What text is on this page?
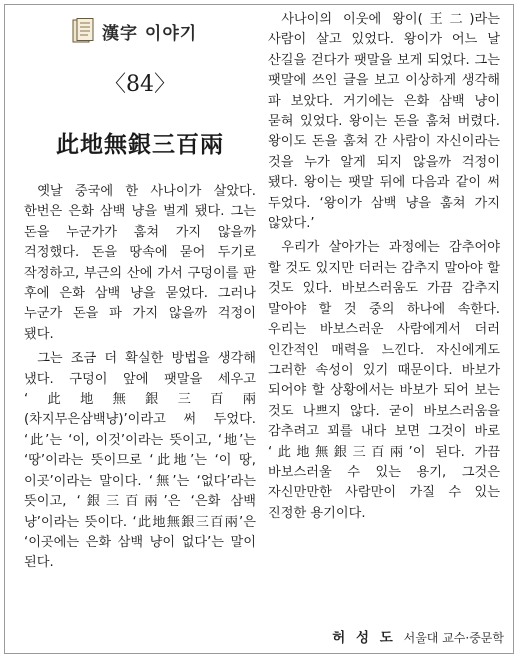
漢字 이야기
〈84〉
此地無銀三百兩

옛날 중국에 한 사나이가 살았다. 한번은 은화 삼백 냥을 벌게 됐다. 그는 돈을 누군가가 훔쳐 가지 않을까 걱정했다. 돈을 땅속에 묻어 두기로 작정하고, 부근의 산에 가서 구덩이를 판 후에 은화 삼백 냥을 묻었다. 그러나 누군가 돈을 파 가지 않을까 걱정이 됐다.

그는 조금 더 확실한 방법을 생각해 냈다. 구덩이 앞에 팻말을 세우고 ‘此地無銀三百兩(차지무은삼백냥)’이라고 써 두었다. ‘此’는 ‘이, 이것’이라는 뜻이고, ‘地’는 ‘땅’이라는 뜻이므로 ‘此地’는 ‘이 땅, 이곳’이라는 말이다. ‘無’는 ‘없다’라는 뜻이고, ‘銀三百兩’은 ‘은화 삼백 냥’이라는 뜻이다. ‘此地無銀三百兩’은 ‘이곳에는 은화 삼백 냥이 없다’는 말이 된다.

사나이의 이웃에 왕이(王二)라는 사람이 살고 있었다. 왕이가 어느 날 산길을 걷다가 팻말을 보게 되었다. 그는 팻말에 쓰인 글을 보고 이상하게 생각해 파 보았다. 거기에는 은화 삼백 냥이 묻혀 있었다. 왕이는 돈을 훔쳐 버렸다. 왕이도 돈을 훔쳐 간 사람이 자신이라는 것을 누가 알게 되지 않을까 걱정이 됐다. 왕이는 팻말 뒤에 다음과 같이 써 두었다. ‘왕이가 삼백 냥을 훔쳐 가지 않았다.’

우리가 살아가는 과정에는 감추어야 할 것도 있지만 더러는 감추지 말아야 할 것도 있다. 바보스러움도 가끔 감추지 말아야 할 것 중의 하나에 속한다. 우리는 바보스러운 사람에게서 더러 인간적인 매력을 느낀다. 자신에게도 그러한 속성이 있기 때문이다. 바보가 되어야 할 상황에서는 바보가 되어 보는 것도 나쁘지 않다. 굳이 바보스러움을 감추려고 꾀를 내다 보면 그것이 바로 ‘此地無銀三百兩’이 된다. 가끔 바보스러울 수 있는 용기, 그것은 자신만만한 사람만이 가질 수 있는 진정한 용기이다.

허 성 도 서울대 교수·중문학
